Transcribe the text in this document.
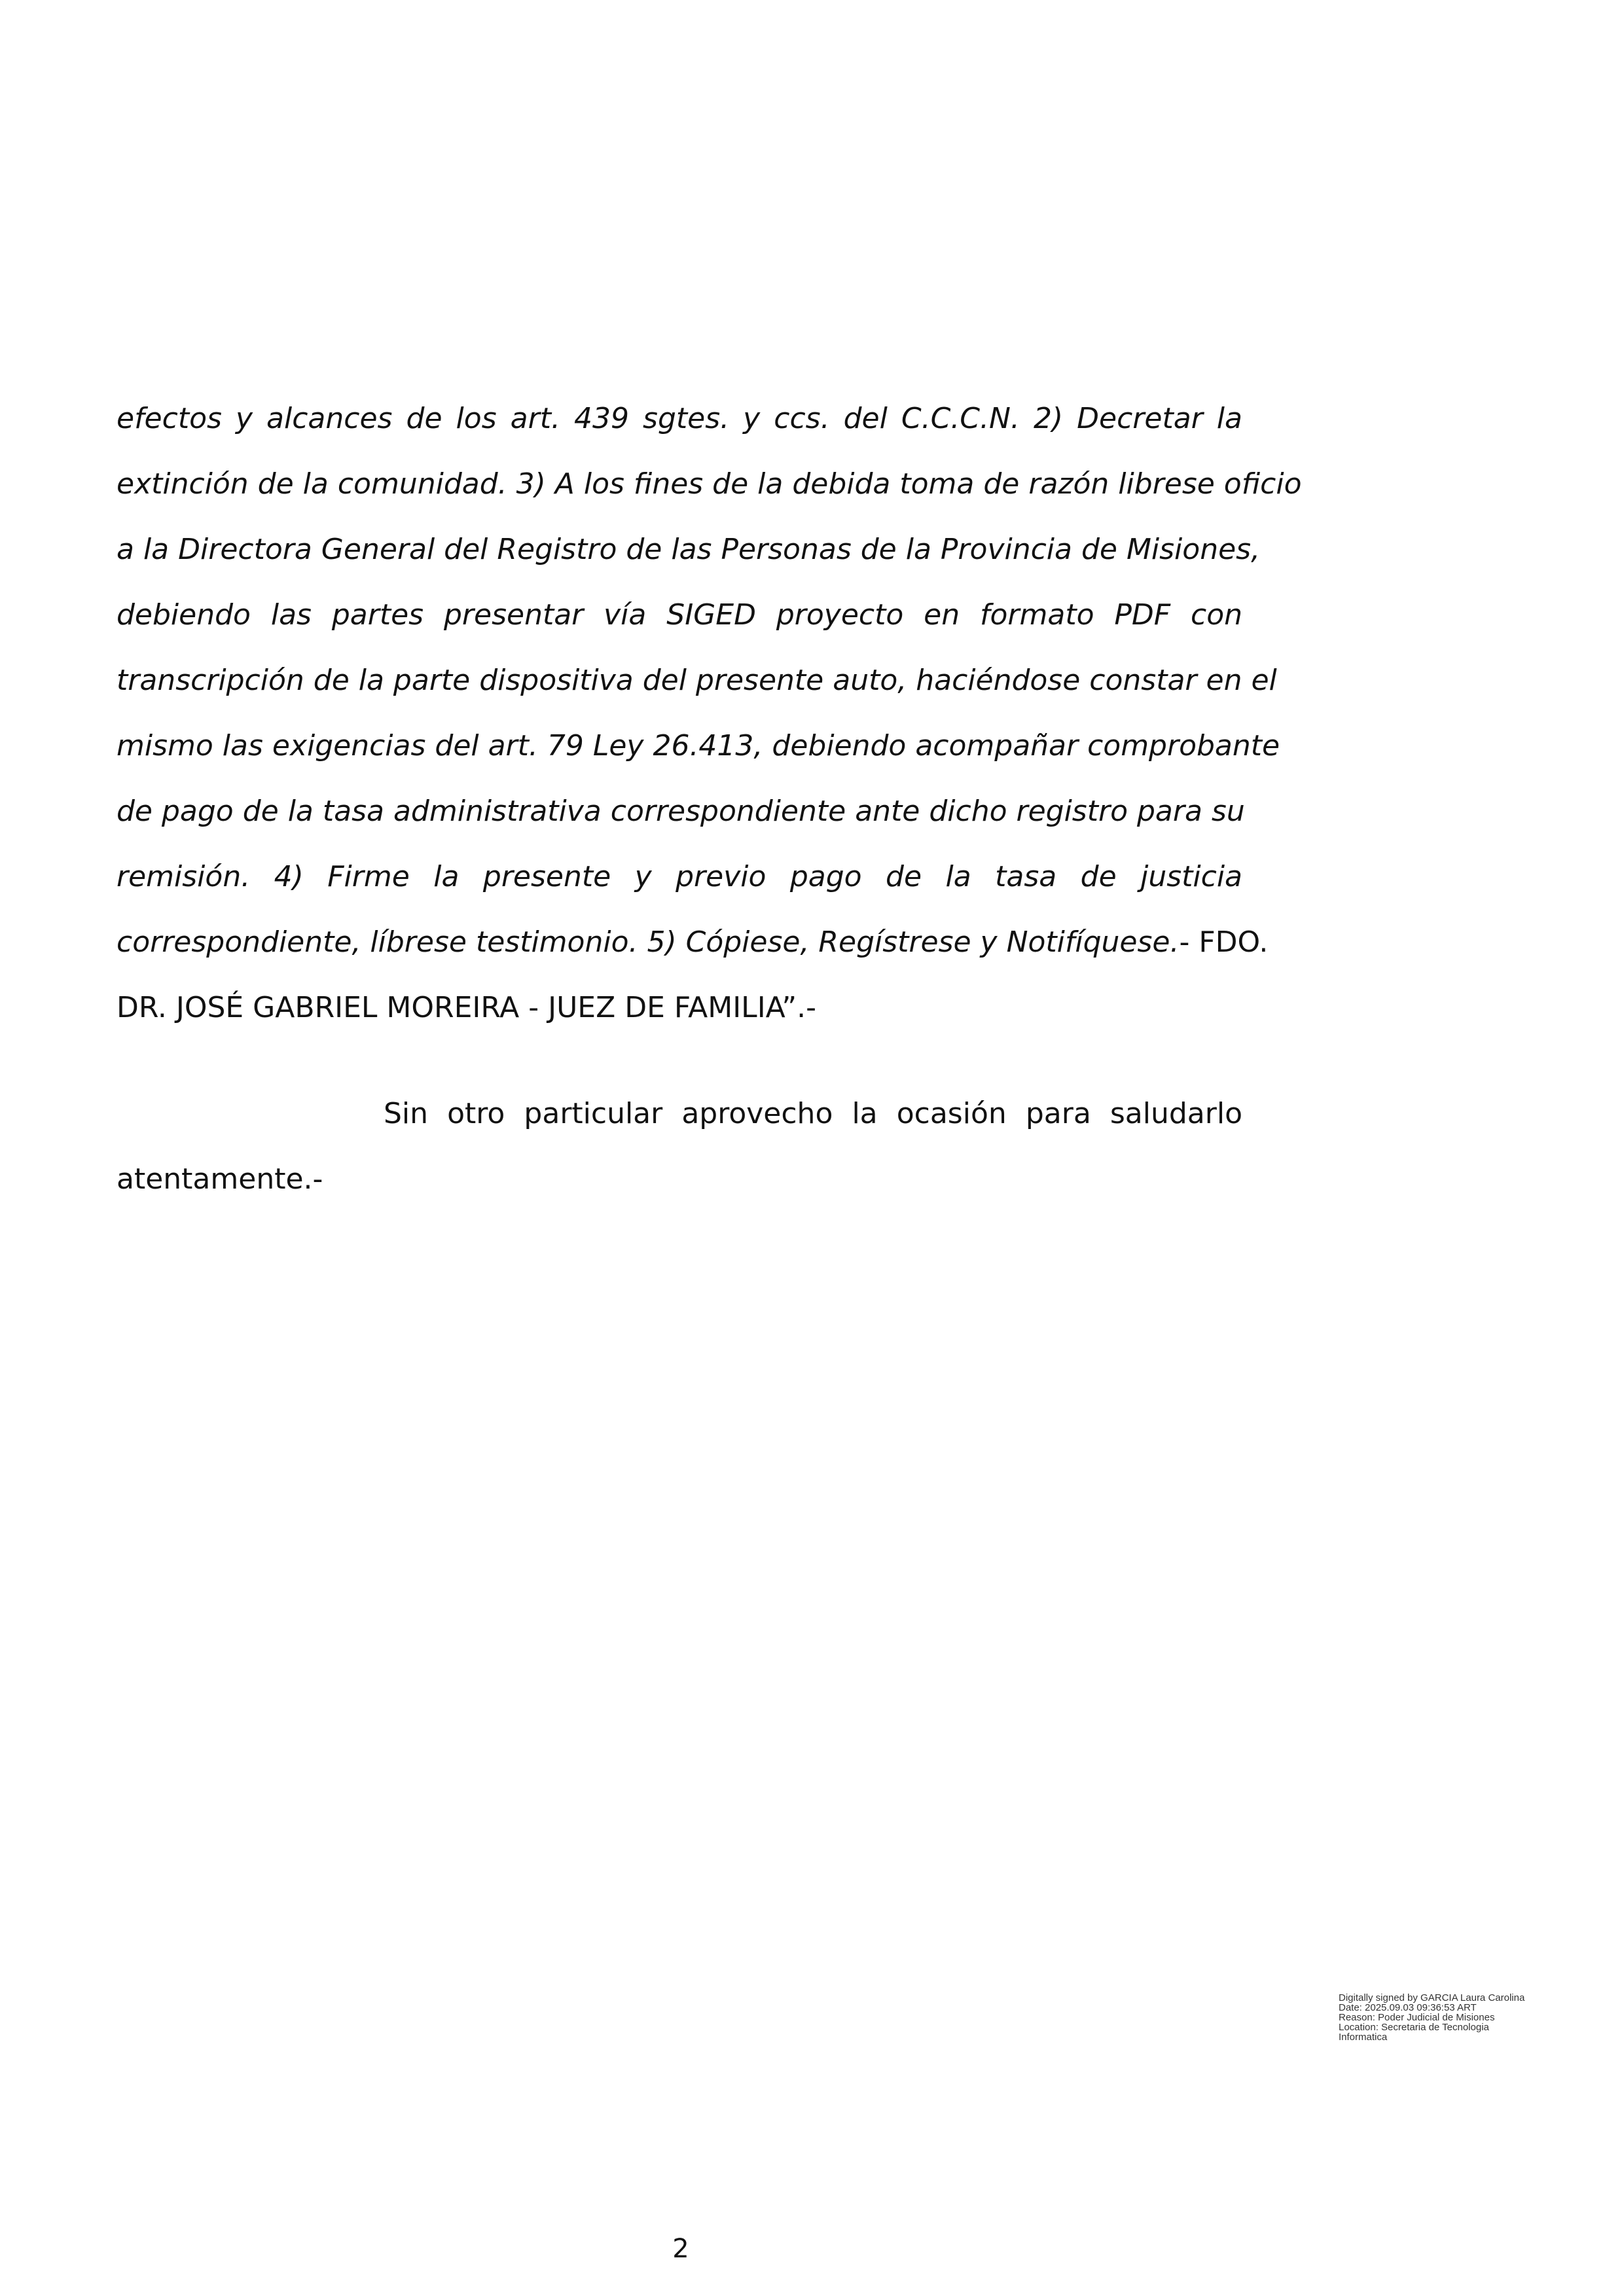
efectos y alcances de los art. 439 sgtes. y ccs. del C.C.C.N. 2) Decretar la
extinción de la comunidad. 3) A los fines de la debida toma de razón librese oficio
a la Directora General del Registro de las Personas de la Provincia de Misiones,
debiendo las partes presentar vía SIGED proyecto en formato PDF con
transcripción de la parte dispositiva del presente auto, haciéndose constar en el
mismo las exigencias del art. 79 Ley 26.413, debiendo acompañar comprobante
de pago de la tasa administrativa correspondiente ante dicho registro para su
remisión. 4) Firme la presente y previo pago de la tasa de justicia
correspondiente, líbrese testimonio. 5) Cópiese, Regístrese y Notifíquese.- FDO.
DR. JOSÉ GABRIEL MOREIRA - JUEZ DE FAMILIA”.-
Sin otro particular aprovecho la ocasión para saludarlo
atentamente.-
Digitally signed by GARCIA Laura Carolina
Date: 2025.09.03 09:36:53 ART
Reason: Poder Judicial de Misiones
Location: Secretaria de Tecnologia
Informatica
2
